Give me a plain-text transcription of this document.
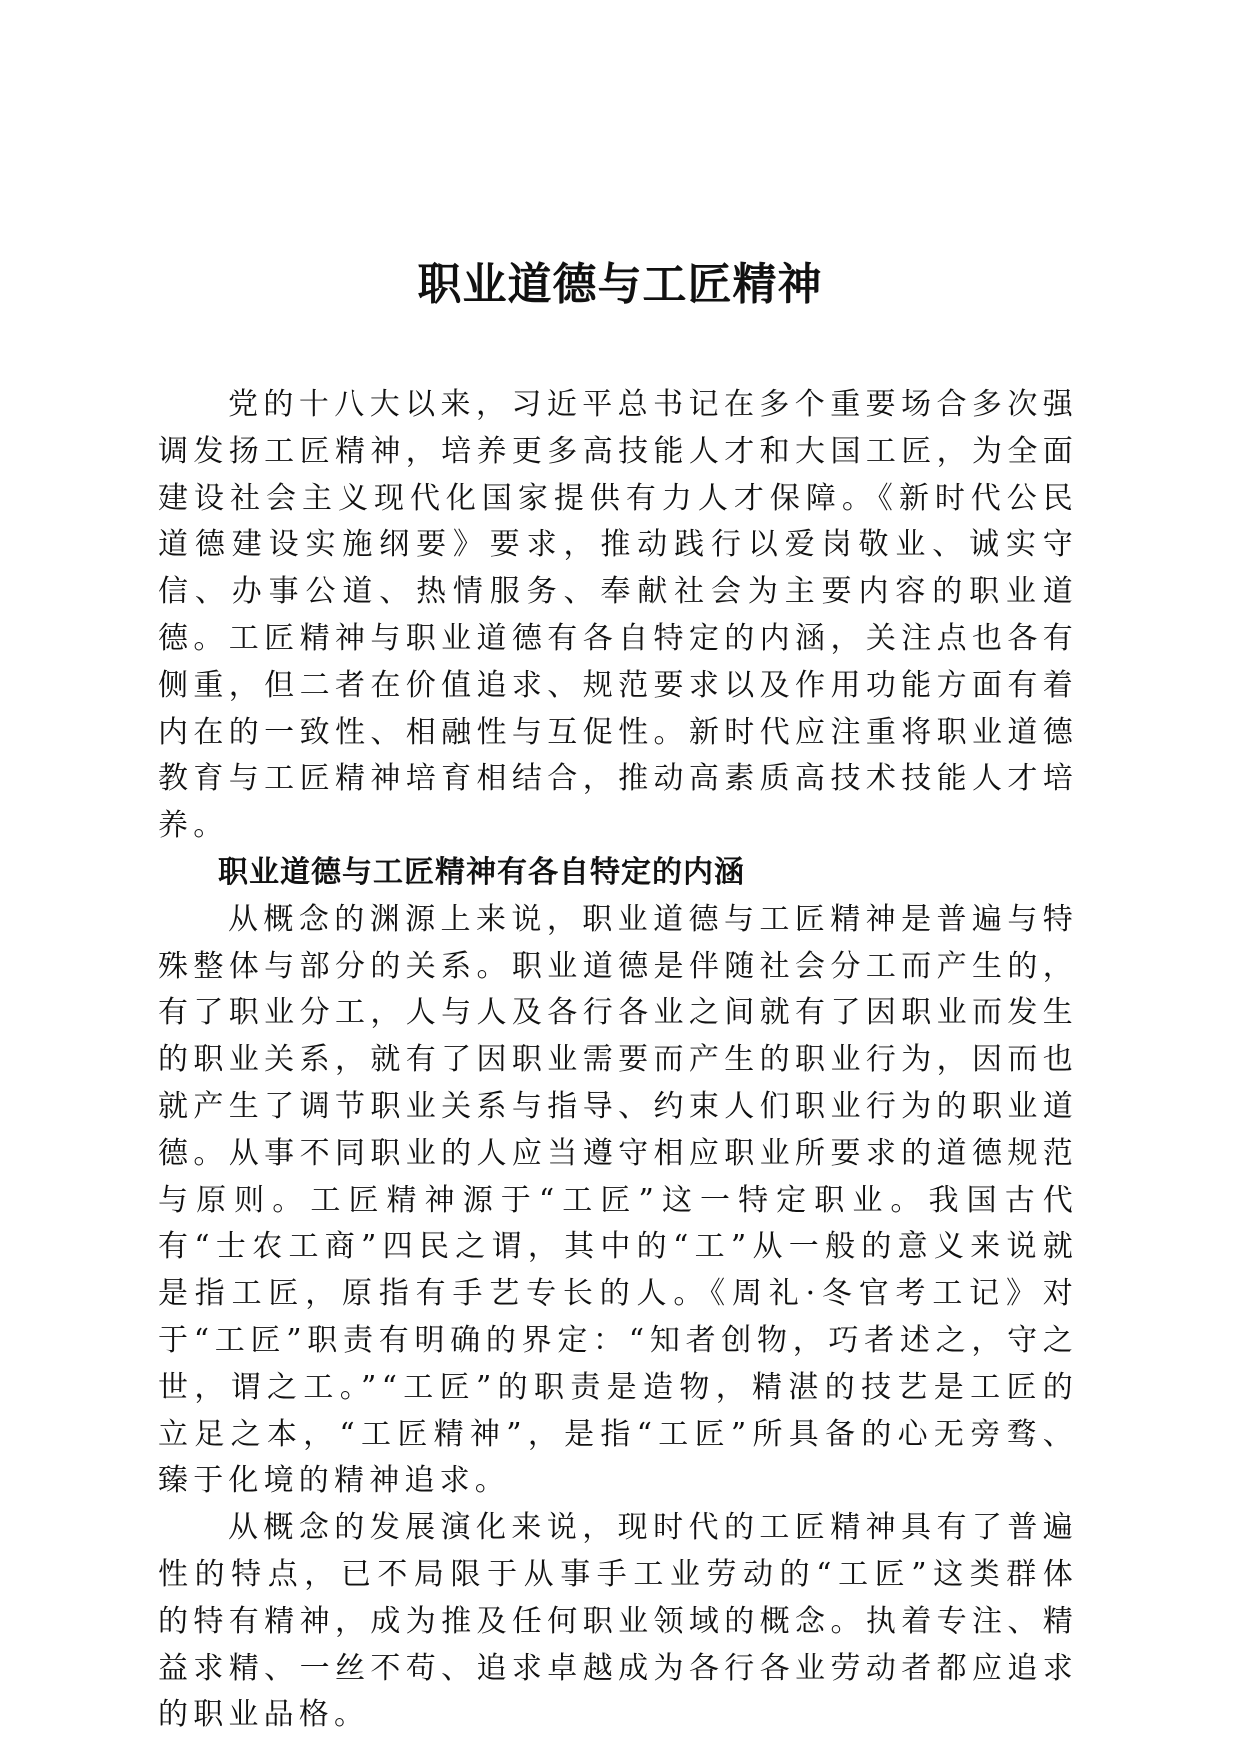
职业道德与工匠精神

党的十八大以来，习近平总书记在多个重要场合多次强调发扬工匠精神，培养更多高技能人才和大国工匠，为全面建设社会主义现代化国家提供有力人才保障。《新时代公民道德建设实施纲要》要求，推动践行以爱岗敬业、诚实守信、办事公道、热情服务、奉献社会为主要内容的职业道德。工匠精神与职业道德有各自特定的内涵，关注点也各有侧重，但二者在价值追求、规范要求以及作用功能方面有着内在的一致性、相融性与互促性。新时代应注重将职业道德教育与工匠精神培育相结合，推动高素质高技术技能人才培养。

职业道德与工匠精神有各自特定的内涵

从概念的渊源上来说，职业道德与工匠精神是普遍与特殊整体与部分的关系。职业道德是伴随社会分工而产生的，有了职业分工，人与人及各行各业之间就有了因职业而发生的职业关系，就有了因职业需要而产生的职业行为，因而也就产生了调节职业关系与指导、约束人们职业行为的职业道德。从事不同职业的人应当遵守相应职业所要求的道德规范与原则。工匠精神源于“工匠”这一特定职业。我国古代有“士农工商”四民之谓，其中的“工”从一般的意义来说就是指工匠，原指有手艺专长的人。《周礼·冬官考工记》对于“工匠”职责有明确的界定：“知者创物，巧者述之，守之世，谓之工。”“工匠”的职责是造物，精湛的技艺是工匠的立足之本，“工匠精神”，是指“工匠”所具备的心无旁骛、臻于化境的精神追求。

从概念的发展演化来说，现时代的工匠精神具有了普遍性的特点，已不局限于从事手工业劳动的“工匠”这类群体的特有精神，成为推及任何职业领域的概念。执着专注、精益求精、一丝不苟、追求卓越成为各行各业劳动者都应追求的职业品格。
